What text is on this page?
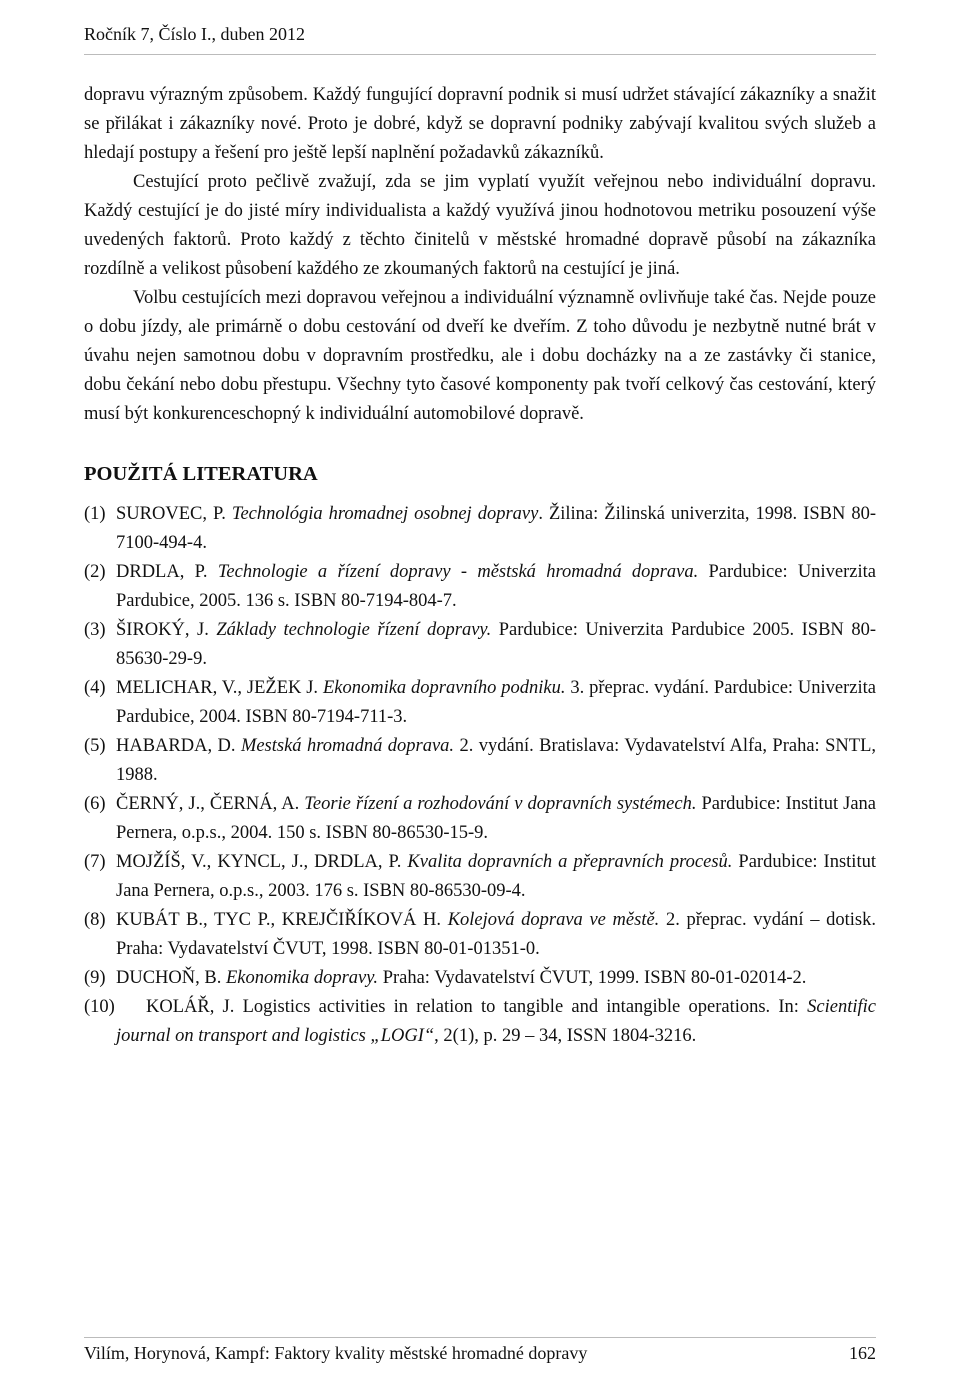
Ročník 7, Číslo I., duben 2012

dopravu výrazným způsobem. Každý fungující dopravní podnik si musí udržet stávající zákazníky a snažit se přilákat i zákazníky nové. Proto je dobré, když se dopravní podniky zabývají kvalitou svých služeb a hledají postupy a řešení pro ještě lepší naplnění požadavků zákazníků.

Cestující proto pečlivě zvažují, zda se jim vyplatí využít veřejnou nebo individuální dopravu. Každý cestující je do jisté míry individualista a každý využívá jinou hodnotovou metriku posouzení výše uvedených faktorů. Proto každý z těchto činitelů v městské hromadné dopravě působí na zákazníka rozdílně a velikost působení každého ze zkoumaných faktorů na cestující je jiná.

Volbu cestujících mezi dopravou veřejnou a individuální významně ovlivňuje také čas. Nejde pouze o dobu jízdy, ale primárně o dobu cestování od dveří ke dveřím. Z toho důvodu je nezbytně nutné brát v úvahu nejen samotnou dobu v dopravním prostředku, ale i dobu docházky na a ze zastávky či stanice, dobu čekání nebo dobu přestupu. Všechny tyto časové komponenty pak tvoří celkový čas cestování, který musí být konkurenceschopný k individuální automobilové dopravě.

POUŽITÁ LITERATURA
(1) SUROVEC, P. Technológia hromadnej osobnej dopravy. Žilina: Žilinská univerzita, 1998. ISBN 80-7100-494-4.
(2) DRDLA, P. Technologie a řízení dopravy - městská hromadná doprava. Pardubice: Univerzita Pardubice, 2005. 136 s. ISBN 80-7194-804-7.
(3) ŠIROKÝ, J. Základy technologie řízení dopravy. Pardubice: Univerzita Pardubice 2005. ISBN 80-85630-29-9.
(4) MELICHAR, V., JEŽEK J. Ekonomika dopravního podniku. 3. přeprac. vydání. Pardubice: Univerzita Pardubice, 2004. ISBN 80-7194-711-3.
(5) HABARDA, D. Mestská hromadná doprava. 2. vydání. Bratislava: Vydavatelství Alfa, Praha: SNTL, 1988.
(6) ČERNÝ, J., ČERNÁ, A. Teorie řízení a rozhodování v dopravních systémech. Pardubice: Institut Jana Pernera, o.p.s., 2004. 150 s. ISBN 80-86530-15-9.
(7) MOJŽÍŠ, V., KYNCL, J., DRDLA, P. Kvalita dopravních a přepravních procesů. Pardubice: Institut Jana Pernera, o.p.s., 2003. 176 s. ISBN 80-86530-09-4.
(8) KUBÁT B., TYC P., KREJČIŘÍKOVÁ H. Kolejová doprava ve městě. 2. přeprac. vydání – dotisk. Praha: Vydavatelství ČVUT, 1998. ISBN 80-01-01351-0.
(9) DUCHOŇ, B. Ekonomika dopravy. Praha: Vydavatelství ČVUT, 1999. ISBN 80-01-02014-2.
(10) KOLÁŘ, J. Logistics activities in relation to tangible and intangible operations. In: Scientific journal on transport and logistics „LOGI“, 2(1), p. 29 – 34, ISSN 1804-3216.
Vilím, Horynová, Kampf: Faktory kvality městské hromadné dopravy	162
